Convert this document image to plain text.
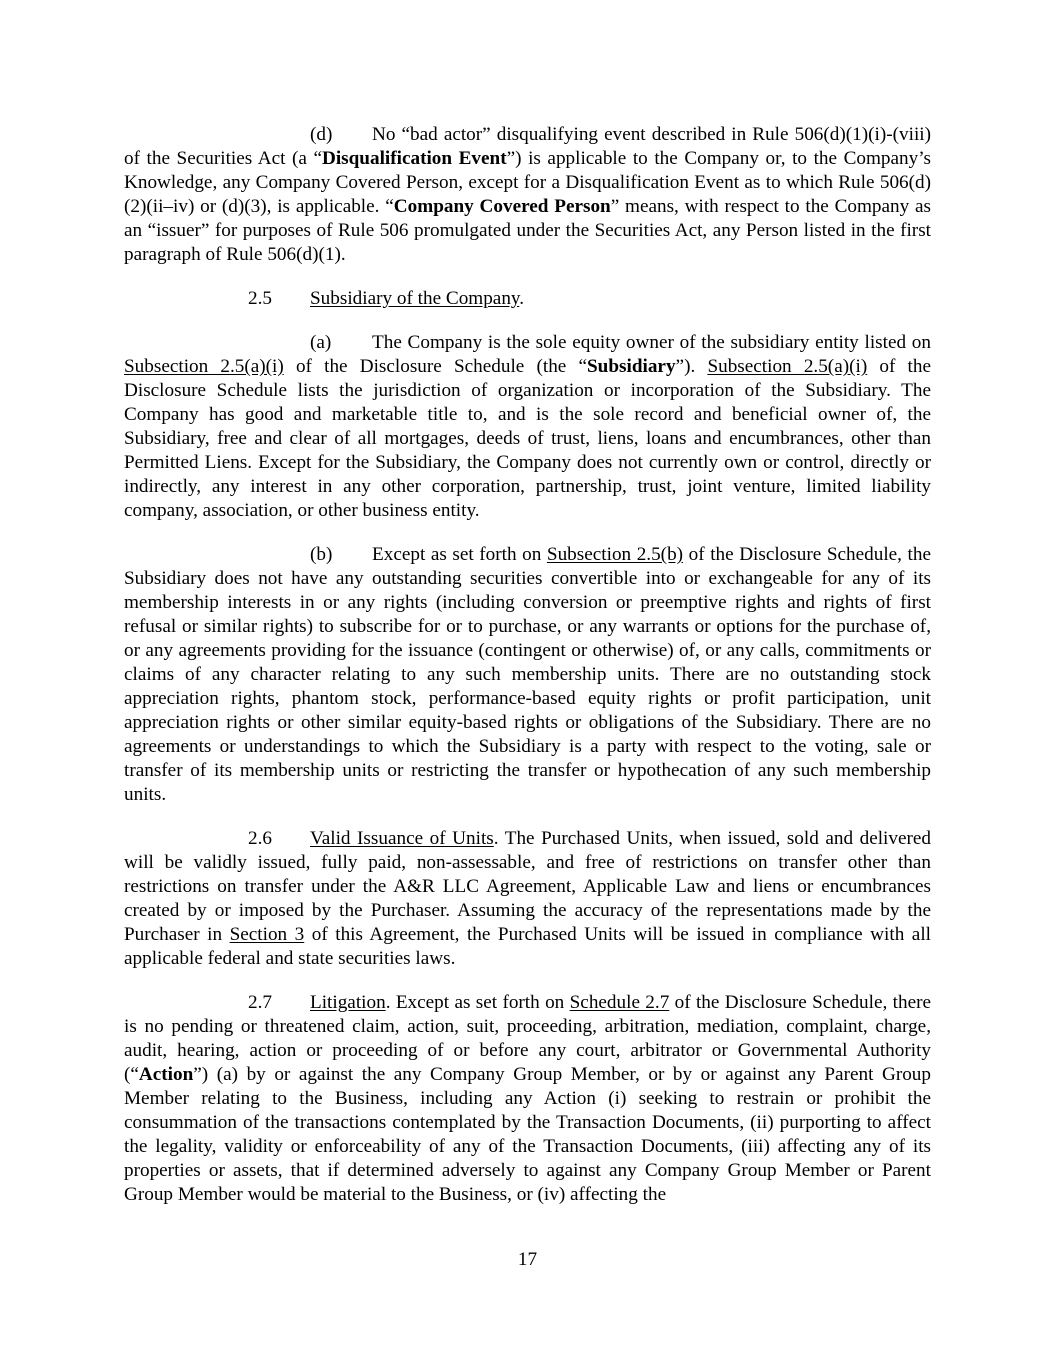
(d) No “bad actor” disqualifying event described in Rule 506(d)(1)(i)-(viii) of the Securities Act (a “Disqualification Event”) is applicable to the Company or, to the Company’s Knowledge, any Company Covered Person, except for a Disqualification Event as to which Rule 506(d)(2)(ii–iv) or (d)(3), is applicable. “Company Covered Person” means, with respect to the Company as an “issuer” for purposes of Rule 506 promulgated under the Securities Act, any Person listed in the first paragraph of Rule 506(d)(1).

2.5 Subsidiary of the Company.

(a) The Company is the sole equity owner of the subsidiary entity listed on Subsection 2.5(a)(i) of the Disclosure Schedule (the “Subsidiary”). Subsection 2.5(a)(i) of the Disclosure Schedule lists the jurisdiction of organization or incorporation of the Subsidiary. The Company has good and marketable title to, and is the sole record and beneficial owner of, the Subsidiary, free and clear of all mortgages, deeds of trust, liens, loans and encumbrances, other than Permitted Liens. Except for the Subsidiary, the Company does not currently own or control, directly or indirectly, any interest in any other corporation, partnership, trust, joint venture, limited liability company, association, or other business entity.

(b) Except as set forth on Subsection 2.5(b) of the Disclosure Schedule, the Subsidiary does not have any outstanding securities convertible into or exchangeable for any of its membership interests in or any rights (including conversion or preemptive rights and rights of first refusal or similar rights) to subscribe for or to purchase, or any warrants or options for the purchase of, or any agreements providing for the issuance (contingent or otherwise) of, or any calls, commitments or claims of any character relating to any such membership units. There are no outstanding stock appreciation rights, phantom stock, performance-based equity rights or profit participation, unit appreciation rights or other similar equity-based rights or obligations of the Subsidiary. There are no agreements or understandings to which the Subsidiary is a party with respect to the voting, sale or transfer of its membership units or restricting the transfer or hypothecation of any such membership units.

2.6 Valid Issuance of Units. The Purchased Units, when issued, sold and delivered will be validly issued, fully paid, non-assessable, and free of restrictions on transfer other than restrictions on transfer under the A&R LLC Agreement, Applicable Law and liens or encumbrances created by or imposed by the Purchaser. Assuming the accuracy of the representations made by the Purchaser in Section 3 of this Agreement, the Purchased Units will be issued in compliance with all applicable federal and state securities laws.

2.7 Litigation. Except as set forth on Schedule 2.7 of the Disclosure Schedule, there is no pending or threatened claim, action, suit, proceeding, arbitration, mediation, complaint, charge, audit, hearing, action or proceeding of or before any court, arbitrator or Governmental Authority (“Action”) (a) by or against the any Company Group Member, or by or against any Parent Group Member relating to the Business, including any Action (i) seeking to restrain or prohibit the consummation of the transactions contemplated by the Transaction Documents, (ii) purporting to affect the legality, validity or enforceability of any of the Transaction Documents, (iii) affecting any of its properties or assets, that if determined adversely to against any Company Group Member or Parent Group Member would be material to the Business, or (iv) affecting the

17
